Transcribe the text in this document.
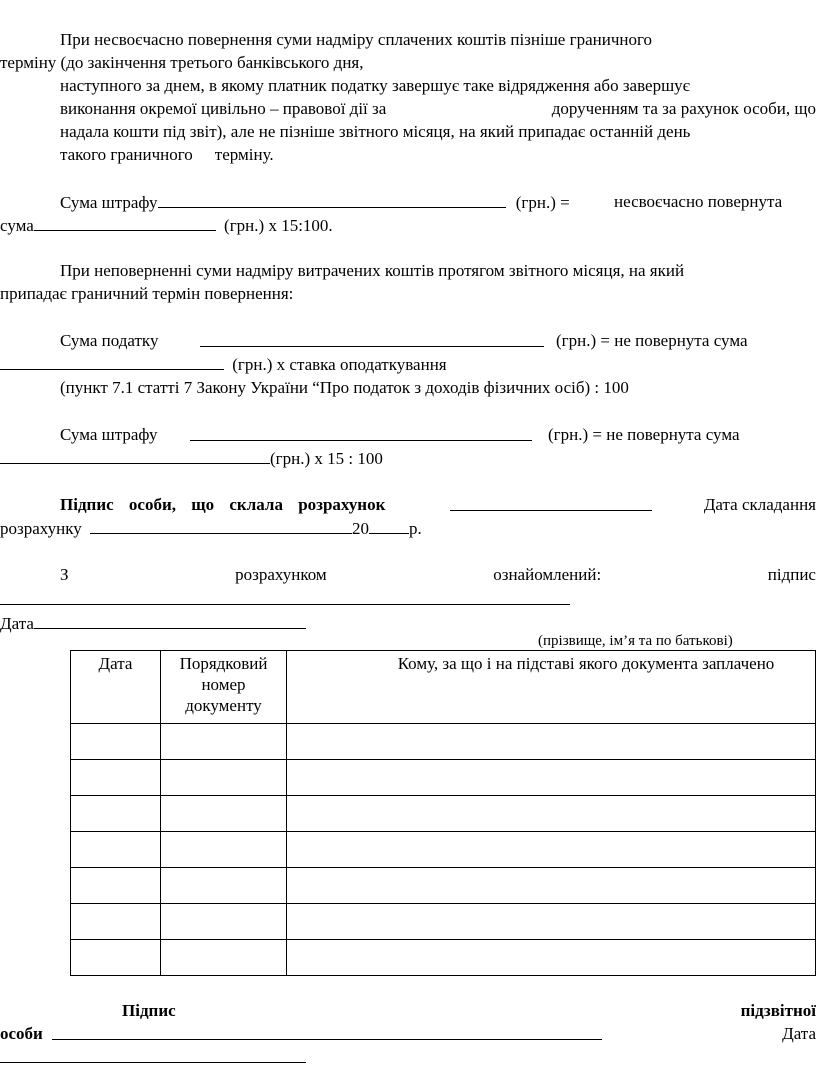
При несвоєчасно повернення суми надміру сплачених коштів пізніше граничного
терміну (до закінчення третього банківського дня,
наступного за днем, в якому платник податку завершує таке відрядження або завершує
виконання окремої цивільно – правової дії за	дорученням та за рахунок особи, що
надала кошти під звіт), але не пізніше звітного місяця, на який припадає останній день
такого граничного терміну.
Сума штрафу	(грн.) =	несвоєчасно повернута
сума	(грн.) х 15:100.
При неповерненні суми надміру витрачених коштів протягом звітного місяця, на який
припадає граничний термін повернення:
Сума податку	(грн.) = не повернута сума
(грн.) х ставка оподаткування
(пункт 7.1 статті 7 Закону України “Про податок з доходів фізичних осіб) : 100
Сума штрафу	(грн.) = не повернута сума
(грн.) х 15 : 100
Підпис особи, що склала розрахунок	Дата складання
розрахунку	20 р.
З	розрахунком	ознайомлений:	підпис
Дата
(прізвище, ім’я та по батькові)
Дата	Порядковий номер документу	Кому, за що і на підставі якого документа заплачено

Підпис	підзвітної
особи	Дата
